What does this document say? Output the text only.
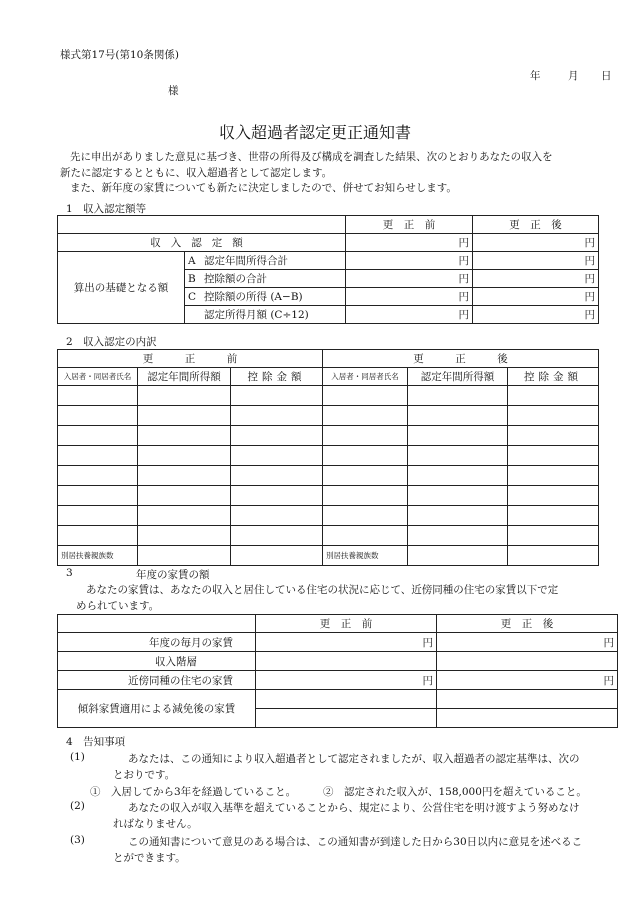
様式第17号(第10条関係)
年	月 日
様
収入超過者認定更正通知書
先に申出がありました意見に基づき、世帯の所得及び構成を調査した結果、次のとおりあなたの収入を
新たに認定するとともに、収入超過者として認定します。
また、新年度の家賃についても新たに決定しましたので、併せてお知らせします。
1　収入認定額等
		更　正　前	更　正　後
収入認定額		円	円
算出の基礎となる額	A 認定年間所得合計	円	円
	B 控除額の合計	円	円
	C 控除額の所得 (A−B)	円	円
	認定所得月額 (C÷12)	円	円
2　収入認定の内訳
更　　　正　　　前			更　　　正　　　後		
入居者・同居者氏名	認定年間所得額	控除金額	入居者・同居者氏名	認定年間所得額	控除金額

別居扶養親族数			別居扶養親族数		
3	年度の家賃の額
あなたの家賃は、あなたの収入と居住している住宅の状況に応じて、近傍同種の住宅の家賃以下で定
められています。
	更　正　前	更　正　後
年度の毎月の家賃	円	円
収入階層		
近傍同種の住宅の家賃	円	円
傾斜家賃適用による減免後の家賃		

4　告知事項
(1)	あなたは、この通知により収入超過者として認定されましたが、収入超過者の認定基準は、次の
とおりです。
①　入居してから3年を経過していること。	②　認定された収入が、158,000円を超えていること。
(2)	あなたの収入が収入基準を超えていることから、規定により、公営住宅を明け渡すよう努めなけ
ればなりません。
(3)	この通知書について意見のある場合は、この通知書が到達した日から30日以内に意見を述べるこ
とができます。
